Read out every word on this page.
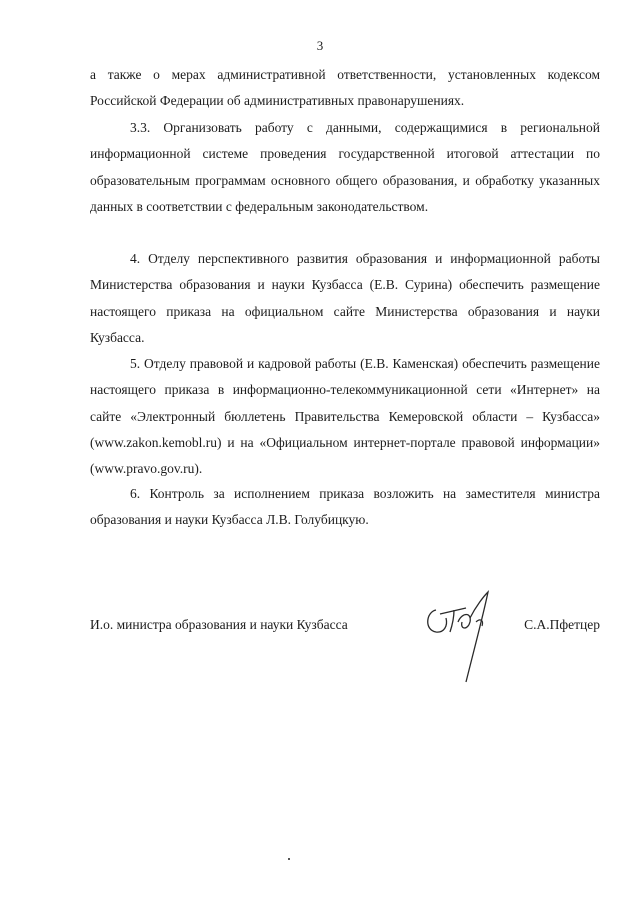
3

а также о мерах административной ответственности, установленных кодексом Российской Федерации об административных правонарушениях.

3.3. Организовать работу с данными, содержащимися в региональной информационной системе проведения государственной итоговой аттестации по образовательным программам основного общего образования, и обработку указанных данных в соответствии с федеральным законодательством.

4. Отделу перспективного развития образования и информационной работы Министерства образования и науки Кузбасса (Е.В. Сурина) обеспечить размещение настоящего приказа на официальном сайте Министерства образования и науки Кузбасса.

5. Отделу правовой и кадровой работы (Е.В. Каменская) обеспечить размещение настоящего приказа в информационно-телекоммуникационной сети «Интернет» на сайте «Электронный бюллетень Правительства Кемеровской области – Кузбасса» (www.zakon.kemobl.ru) и на «Официальном интернет-портале правовой информации» (www.pravo.gov.ru).

6. Контроль за исполнением приказа возложить на заместителя министра образования и науки Кузбасса Л.В. Голубицкую.

И.о. министра образования и науки Кузбасса	С.А.Пфетцер
